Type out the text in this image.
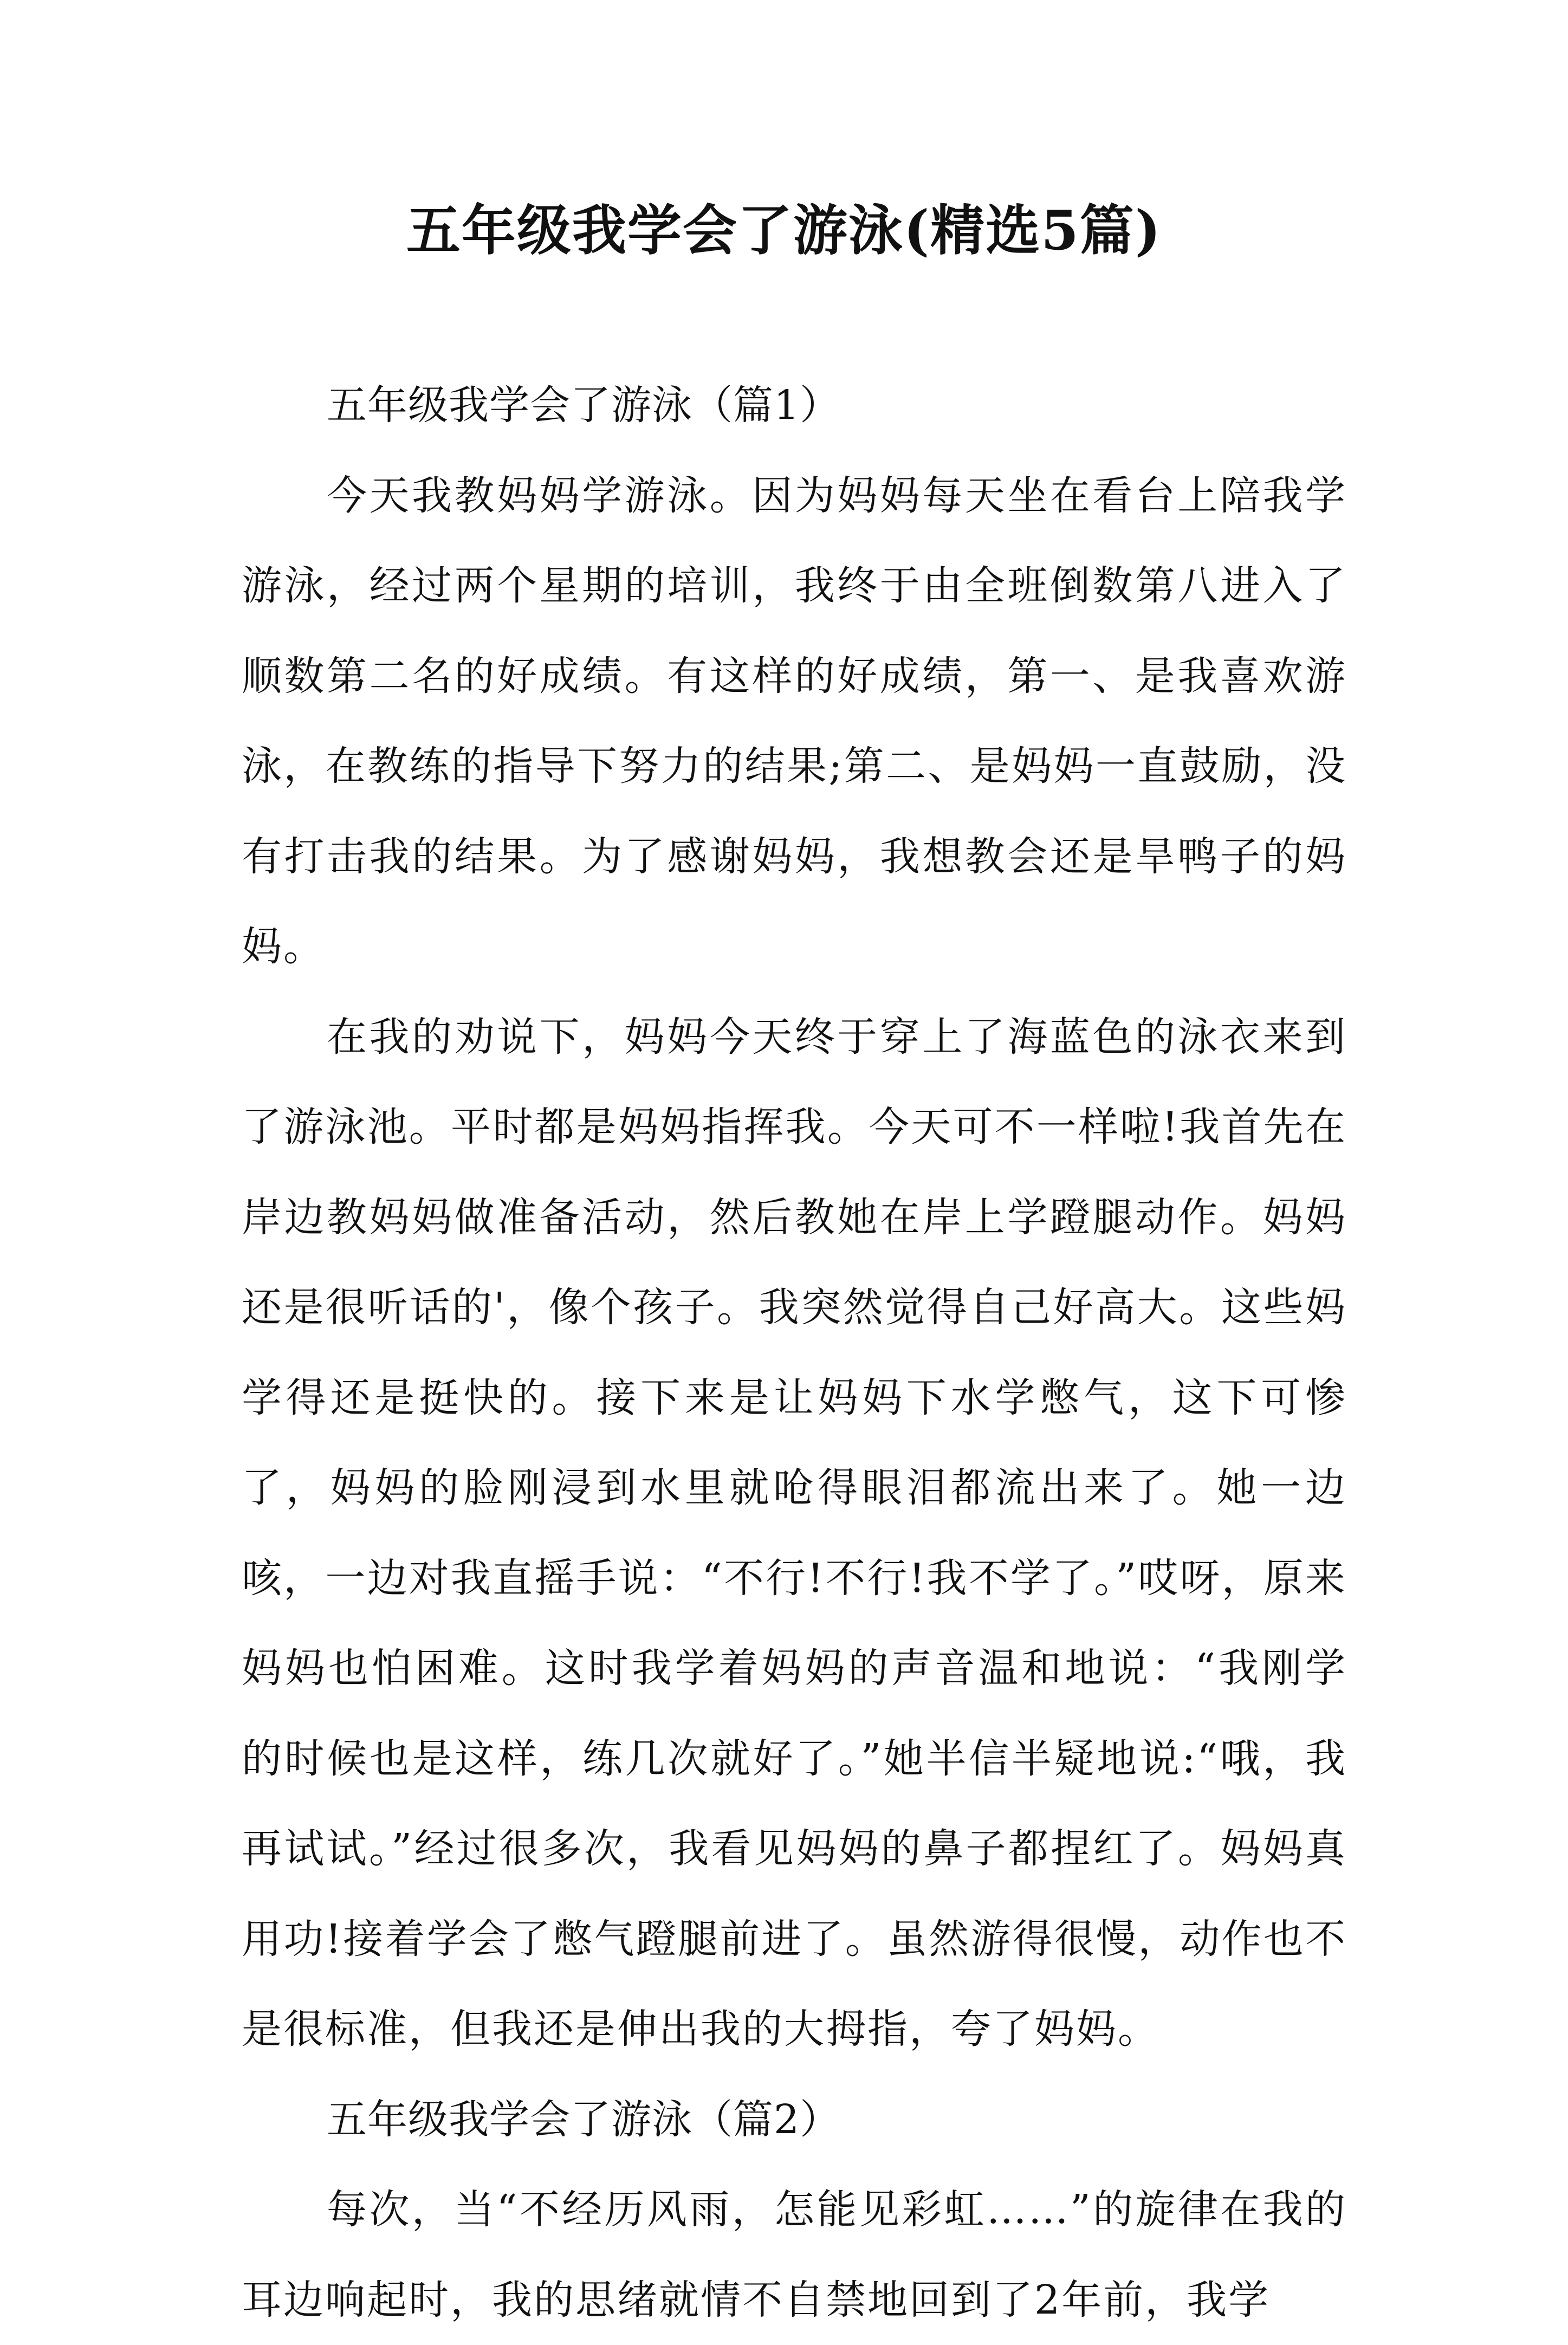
五年级我学会了游泳(精选5篇)

五年级我学会了游泳（篇1）

今天我教妈妈学游泳。因为妈妈每天坐在看台上陪我学游泳，经过两个星期的培训，我终于由全班倒数第八进入了顺数第二名的好成绩。有这样的好成绩，第一、是我喜欢游泳，在教练的指导下努力的结果;第二、是妈妈一直鼓励，没有打击我的结果。为了感谢妈妈，我想教会还是旱鸭子的妈妈。

在我的劝说下，妈妈今天终于穿上了海蓝色的泳衣来到了游泳池。平时都是妈妈指挥我。今天可不一样啦!我首先在岸边教妈妈做准备活动，然后教她在岸上学蹬腿动作。妈妈还是很听话的'，像个孩子。我突然觉得自己好高大。这些妈学得还是挺快的。接下来是让妈妈下水学憋气，这下可惨了，妈妈的脸刚浸到水里就呛得眼泪都流出来了。她一边咳，一边对我直摇手说：“不行!不行!我不学了。”哎呀，原来妈妈也怕困难。这时我学着妈妈的声音温和地说：“我刚学的时候也是这样，练几次就好了。”她半信半疑地说:“哦，我再试试。”经过很多次，我看见妈妈的鼻子都捏红了。妈妈真用功!接着学会了憋气蹬腿前进了。虽然游得很慢，动作也不是很标准，但我还是伸出我的大拇指，夸了妈妈。

五年级我学会了游泳（篇2）

每次，当“不经历风雨，怎能见彩虹……”的旋律在我的耳边响起时，我的思绪就情不自禁地回到了2年前，我学
